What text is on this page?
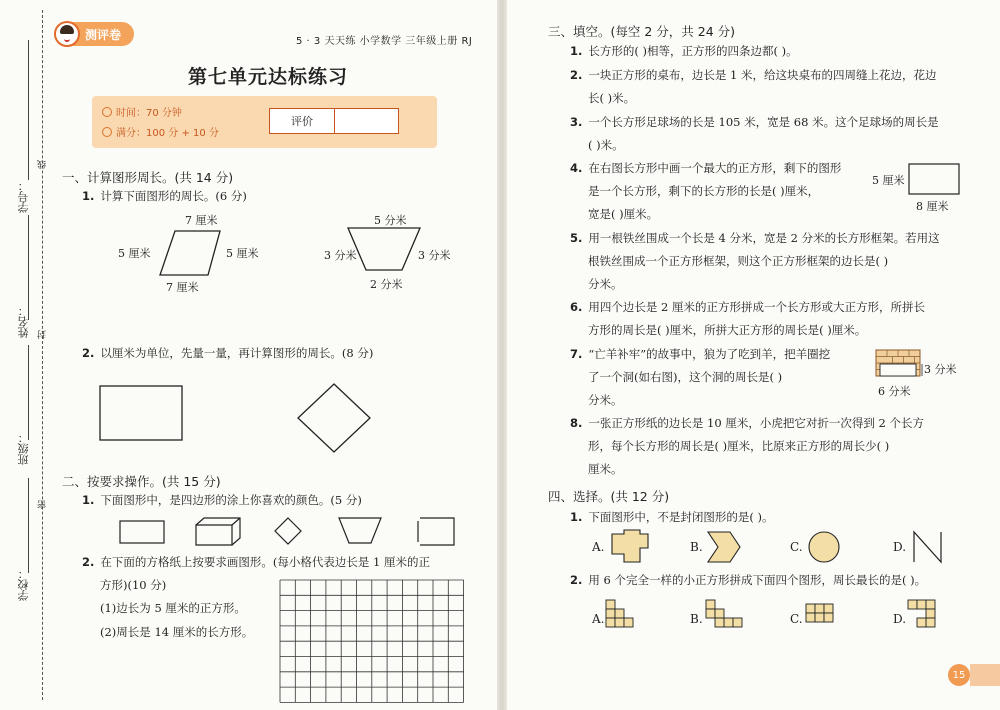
学号：
姓名：
班级：
学校：
线
封
密
测评卷	5 · 3 天天练 小学数学 三年级上册 RJ
第七单元达标练习
时间：70 分钟
满分：100 分 + 10 分
评价
一、计算图形周长。(共 14 分)
1. 计算下面图形的周长。(6 分)
7 厘米
5 厘米	5 厘米
7 厘米
5 分米
3 分米	3 分米
2 分米
2. 以厘米为单位，先量一量，再计算图形的周长。(8 分)
二、按要求操作。(共 15 分)
1. 下面图形中，是四边形的涂上你喜欢的颜色。(5 分)
2. 在下面的方格纸上按要求画图形。(每小格代表边长是 1 厘米的正
方形)(10 分)
(1)边长为 5 厘米的正方形。
(2)周长是 14 厘米的长方形。
三、填空。(每空 2 分，共 24 分)
1. 长方形的( )相等，正方形的四条边都( )。
2. 一块正方形的桌布，边长是 1 米，给这块桌布的四周缝上花边，花边
长( )米。
3. 一个长方形足球场的长是 105 米，宽是 68 米。这个足球场的周长是
( )米。
4. 在右图长方形中画一个最大的正方形，剩下的图形
是一个长方形，剩下的长方形的长是( )厘米，
宽是( )厘米。
5 厘米
8 厘米
5. 用一根铁丝围成一个长是 4 分米，宽是 2 分米的长方形框架。若用这
根铁丝围成一个正方形框架，则这个正方形框架的边长是( )
分米。
6. 用四个边长是 2 厘米的正方形拼成一个长方形或大正方形，所拼长
方形的周长是( )厘米，所拼大正方形的周长是( )厘米。
7. “亡羊补牢”的故事中，狼为了吃到羊，把羊圈挖
了一个洞(如右图)，这个洞的周长是( )
分米。
3 分米
6 分米
8. 一张正方形纸的边长是 10 厘米，小虎把它对折一次得到 2 个长方
形，每个长方形的周长是( )厘米，比原来正方形的周长少( )
厘米。
四、选择。(共 12 分)
1. 下面图形中，不是封闭图形的是( )。
A.	B.	C.	D.
2. 用 6 个完全一样的小正方形拼成下面四个图形，周长最长的是( )。
A.	B.	C.	D.
15
